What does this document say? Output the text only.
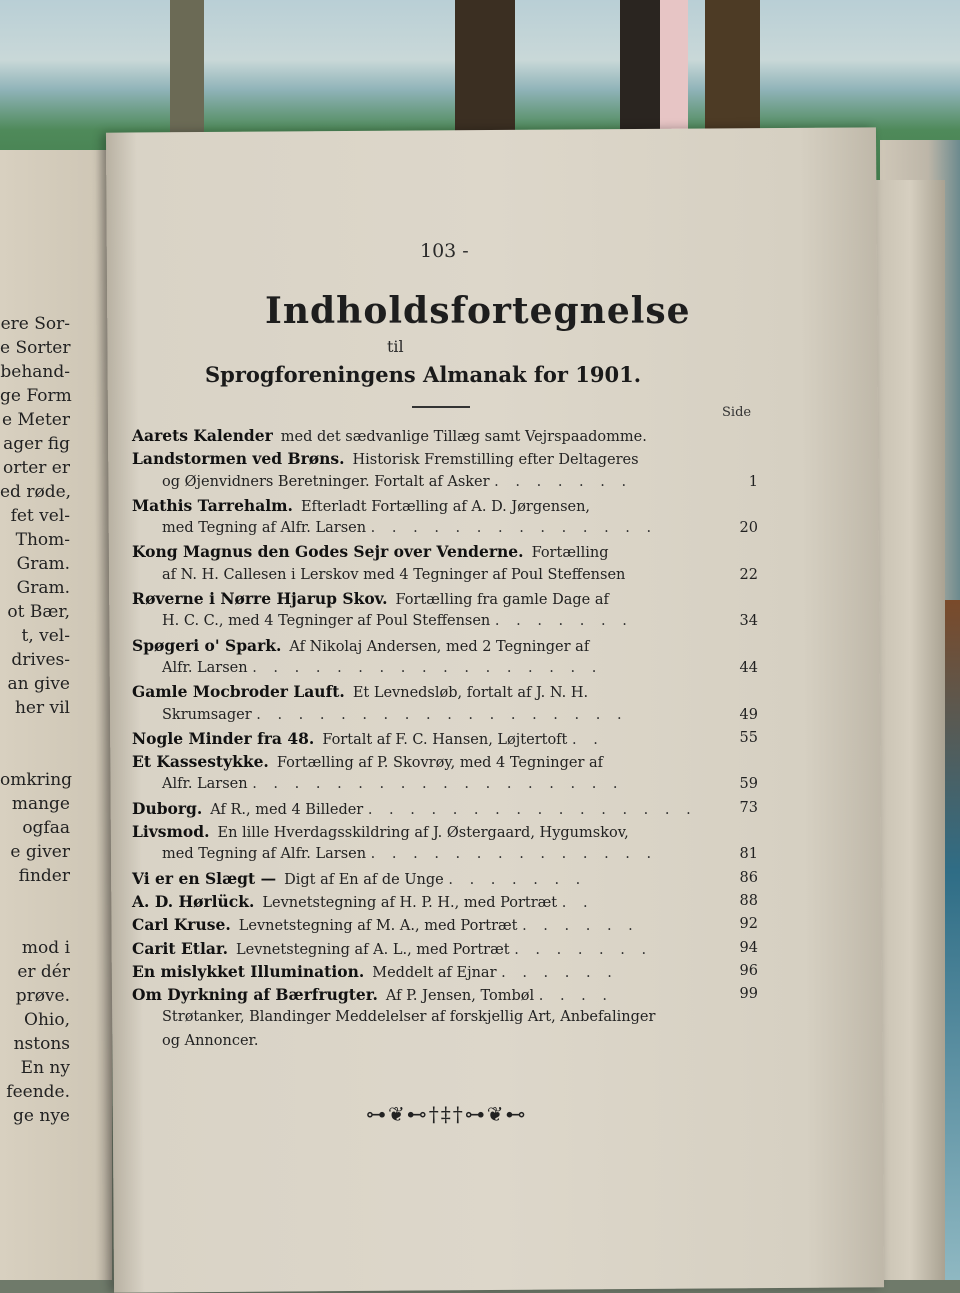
ere Sor-
e Sorter
behand-
ge Form
e Meter
ager fig
orter er
ed røde,
fet vel-
Thom-
Gram.
Gram.
ot Bær,
t, vel-
drives-
an give
her vil
omkring
mange
ogfaa
e giver
finder
mod i
er dér
prøve.
Ohio,
nstons
En ny
feende.
ge nye
103 -
Indholdsfortegnelse
til
Sprogforeningens Almanak for 1901.
Side
Aarets Kalender med det sædvanlige Tillæg samt Vejrspaadomme.
Landstormen ved Brøns. Historisk Fremstilling efter Deltageres
og Øjenvidners Beretninger. Fortalt af Asker . . . . . . .	1
Mathis Tarrehalm. Efterladt Fortælling af A. D. Jørgensen,
med Tegning af Alfr. Larsen . . . . . . . . . . . . . .	20
Kong Magnus den Godes Sejr over Venderne. Fortælling
af N. H. Callesen i Lerskov med 4 Tegninger af Poul Steffensen	22
Røverne i Nørre Hjarup Skov. Fortælling fra gamle Dage af
H. C. C., med 4 Tegninger af Poul Steffensen . . . . . . .	34
Spøgeri o' Spark. Af Nikolaj Andersen, med 2 Tegninger af
Alfr. Larsen . . . . . . . . . . . . . . . . .	44
Gamle Mocbroder Lauft. Et Levnedsløb, fortalt af J. N. H.
Skrumsager . . . . . . . . . . . . . . . . . .	49
Nogle Minder fra 48. Fortalt af F. C. Hansen, Løjtertoft . .	55
Et Kassestykke. Fortælling af P. Skovrøy, med 4 Tegninger af
Alfr. Larsen . . . . . . . . . . . . . . . . . .	59
Duborg. Af R., med 4 Billeder . . . . . . . . . . . . . . . .	73
Livsmod. En lille Hverdagsskildring af J. Østergaard, Hygumskov,
med Tegning af Alfr. Larsen . . . . . . . . . . . . . .	81
Vi er en Slægt — Digt af En af de Unge . . . . . . .	86
A. D. Hørlück. Levnetstegning af H. P. H., med Portræt . .	88
Carl Kruse. Levnetstegning af M. A., med Portræt . . . . . .	92
Carit Etlar. Levnetstegning af A. L., med Portræt . . . . . . .	94
En mislykket Illumination. Meddelt af Ejnar . . . . . .	96
Om Dyrkning af Bærfrugter. Af P. Jensen, Tombøl . . . .	99
Strøtanker, Blandinger Meddelelser af forskjellig Art, Anbefalinger
og Annoncer.
⊶❦⊷†‡†⊶❦⊷
